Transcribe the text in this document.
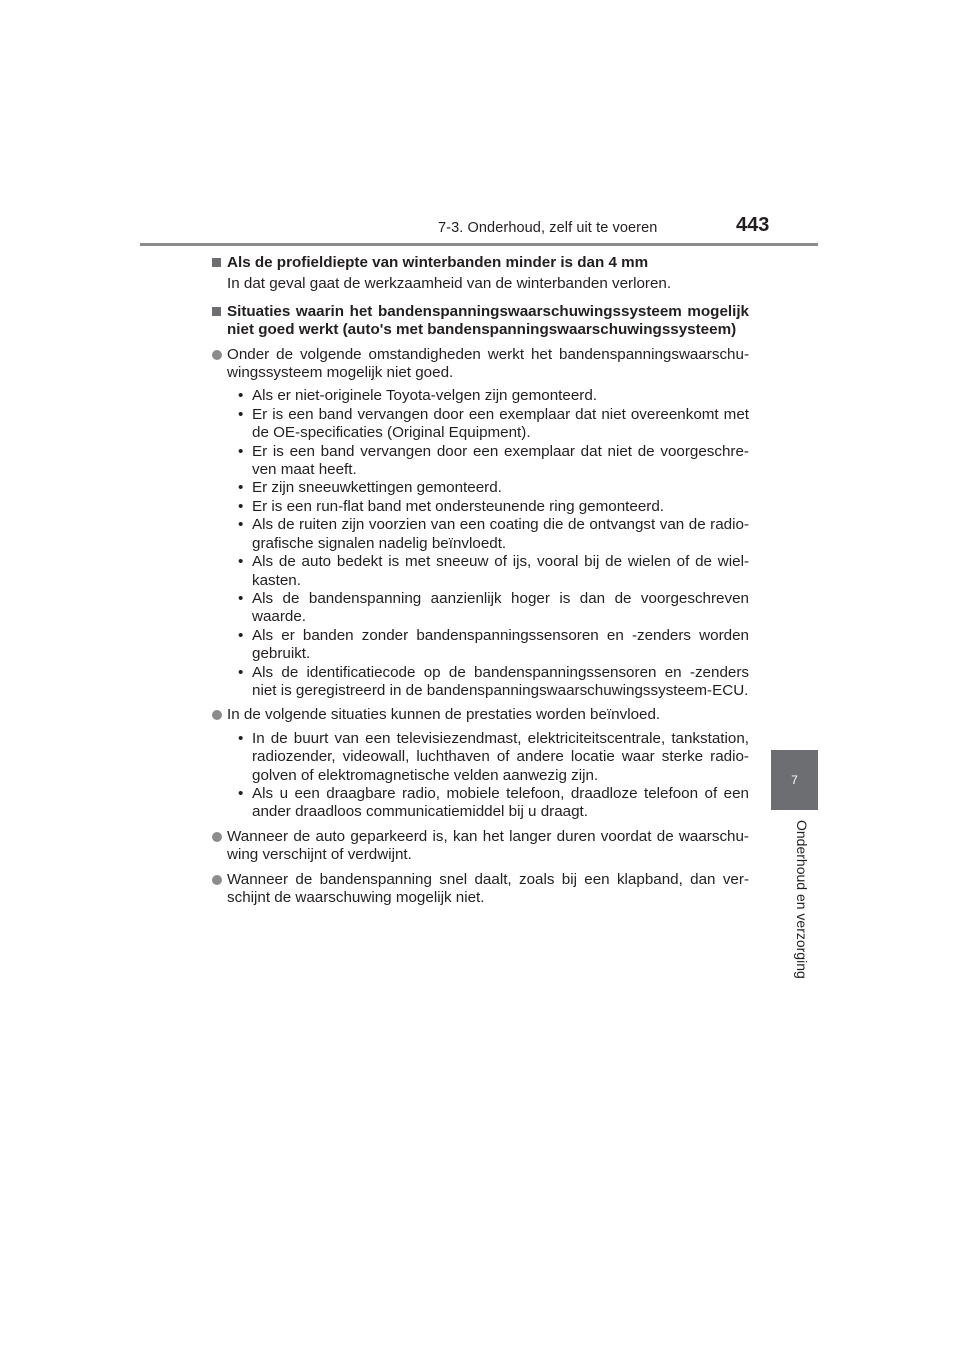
7-3. Onderhoud, zelf uit te voeren	443
7
Onderhoud en verzorging
Als de profieldiepte van winterbanden minder is dan 4 mm
In dat geval gaat de werkzaamheid van de winterbanden verloren.
Situaties waarin het bandenspanningswaarschuwingssysteem mogelijk niet goed werkt (auto's met bandenspanningswaarschuwingssysteem)
Onder de volgende omstandigheden werkt het bandenspanningswaarschu-wingssysteem mogelijk niet goed.
• Als er niet-originele Toyota-velgen zijn gemonteerd.
• Er is een band vervangen door een exemplaar dat niet overeenkomt met de OE-specificaties (Original Equipment).
• Er is een band vervangen door een exemplaar dat niet de voorgeschre-ven maat heeft.
• Er zijn sneeuwkettingen gemonteerd.
• Er is een run-flat band met ondersteunende ring gemonteerd.
• Als de ruiten zijn voorzien van een coating die de ontvangst van de radio-grafische signalen nadelig beïnvloedt.
• Als de auto bedekt is met sneeuw of ijs, vooral bij de wielen of de wiel-kasten.
• Als de bandenspanning aanzienlijk hoger is dan de voorgeschreven waarde.
• Als er banden zonder bandenspanningssensoren en -zenders worden gebruikt.
• Als de identificatiecode op de bandenspanningssensoren en -zenders niet is geregistreerd in de bandenspanningswaarschuwingssysteem-ECU.
In de volgende situaties kunnen de prestaties worden beïnvloed.
• In de buurt van een televisiezendmast, elektriciteitscentrale, tankstation, radiozender, videowall, luchthaven of andere locatie waar sterke radio-golven of elektromagnetische velden aanwezig zijn.
• Als u een draagbare radio, mobiele telefoon, draadloze telefoon of een ander draadloos communicatiemiddel bij u draagt.
Wanneer de auto geparkeerd is, kan het langer duren voordat de waarschu-wing verschijnt of verdwijnt.
Wanneer de bandenspanning snel daalt, zoals bij een klapband, dan ver-schijnt de waarschuwing mogelijk niet.
